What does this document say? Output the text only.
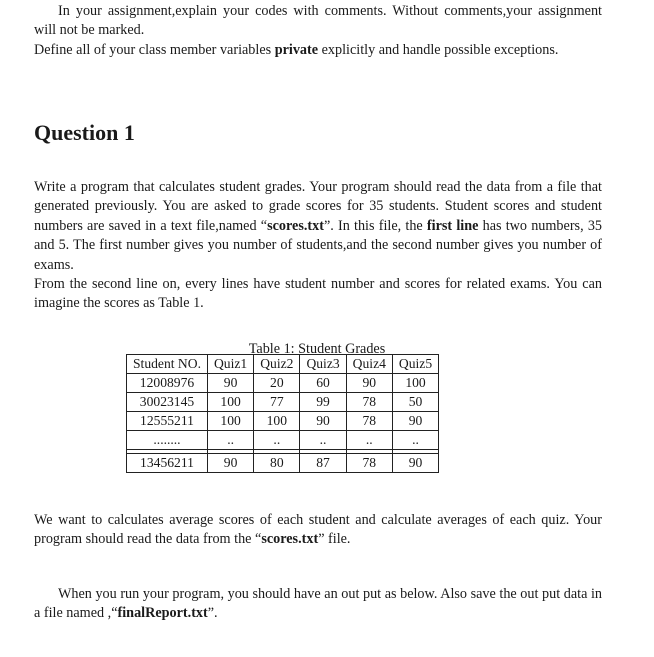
In your assignment,explain your codes with comments. Without comments,your assignment will not be marked.

Define all of your class member variables private explicitly and handle possible exceptions.

Question 1

Write a program that calculates student grades. Your program should read the data from a file that generated previously. You are asked to grade scores for 35 students. Student scores and student numbers are saved in a text file,named “scores.txt”. In this file, the first line has two numbers, 35 and 5. The first number gives you number of students,and the second number gives you number of exams.

From the second line on, every lines have student number and scores for related exams. You can imagine the scores as Table 1.

Table 1: Student Grades
Student NO.	Quiz1	Quiz2	Quiz3	Quiz4	Quiz5
12008976	90	20	60	90	100
30023145	100	77	99	78	50
12555211	100	100	90	78	90
........	..	..	..	..	..

13456211	90	80	87	78	90

We want to calculates average scores of each student and calculate averages of each quiz. Your program should read the data from the “scores.txt” file.

When you run your program, you should have an out put as below. Also save the out put data in a file named ,“finalReport.txt”.
